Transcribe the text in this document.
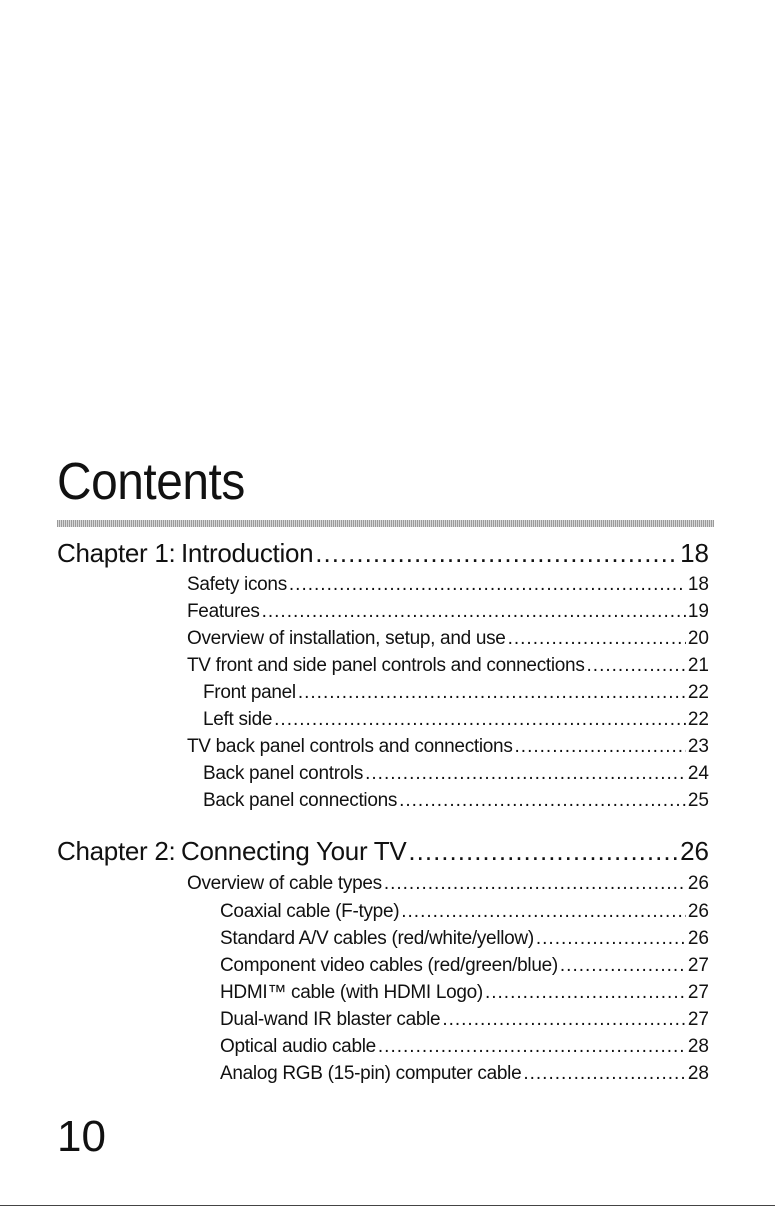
Contents
Chapter 1: Introduction .....	18
Safety icons .....	18
Features .....	19
Overview of installation, setup, and use .....	20
TV front and side panel controls and connections .....	21
Front panel .....	22
Left side .....	22
TV back panel controls and connections .....	23
Back panel controls .....	24
Back panel connections .....	25
Chapter 2: Connecting Your TV .....	26
Overview of cable types .....	26
Coaxial cable (F-type) .....	26
Standard A/V cables (red/white/yellow) .....	26
Component video cables (red/green/blue) .....	27
HDMI™ cable (with HDMI Logo) .....	27
Dual-wand IR blaster cable .....	27
Optical audio cable .....	28
Analog RGB (15-pin) computer cable .....	28
10
